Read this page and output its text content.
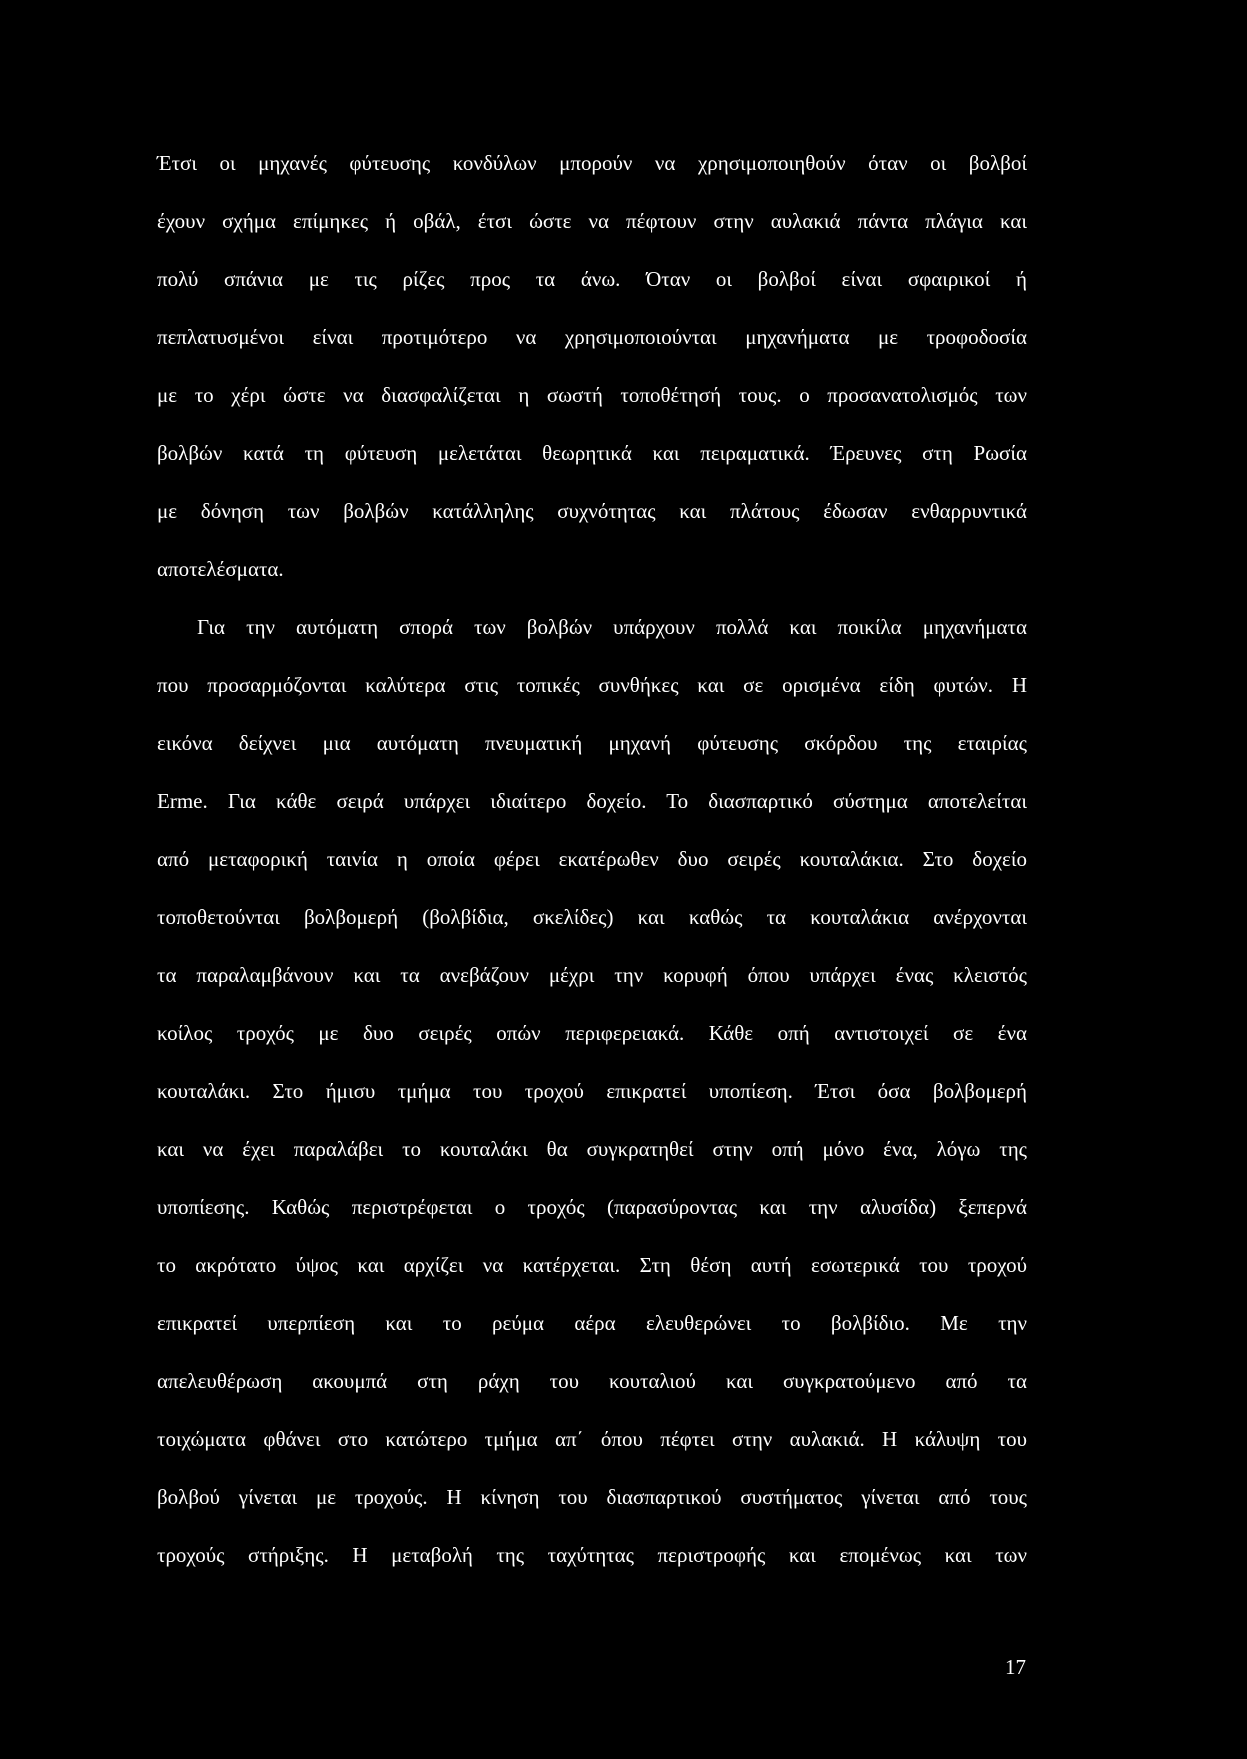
Έτσι οι μηχανές φύτευσης κονδύλων μπορούν να χρησιμοποιηθούν όταν οι βολβοί
έχουν σχήμα επίμηκες ή οβάλ, έτσι ώστε να πέφτουν στην αυλακιά πάντα πλάγια και
πολύ σπάνια με τις ρίζες προς τα άνω. Όταν οι βολβοί είναι σφαιρικοί ή
πεπλατυσμένοι είναι προτιμότερο να χρησιμοποιούνται μηχανήματα με τροφοδοσία
με το χέρι ώστε να διασφαλίζεται η σωστή τοποθέτησή τους. ο προσανατολισμός των
βολβών κατά τη φύτευση μελετάται θεωρητικά και πειραματικά. Έρευνες στη Ρωσία
με δόνηση των βολβών κατάλληλης συχνότητας και πλάτους έδωσαν ενθαρρυντικά
αποτελέσματα.
Για την αυτόματη σπορά των βολβών υπάρχουν πολλά και ποικίλα μηχανήματα
που προσαρμόζονται καλύτερα στις τοπικές συνθήκες και σε ορισμένα είδη φυτών. Η
εικόνα δείχνει μια αυτόματη πνευματική μηχανή φύτευσης σκόρδου της εταιρίας
Erme. Για κάθε σειρά υπάρχει ιδιαίτερο δοχείο. Το διασπαρτικό σύστημα αποτελείται
από μεταφορική ταινία η οποία φέρει εκατέρωθεν δυο σειρές κουταλάκια. Στο δοχείο
τοποθετούνται βολβομερή (βολβίδια, σκελίδες) και καθώς τα κουταλάκια ανέρχονται
τα παραλαμβάνουν και τα ανεβάζουν μέχρι την κορυφή όπου υπάρχει ένας κλειστός
κοίλος τροχός με δυο σειρές οπών περιφερειακά. Κάθε οπή αντιστοιχεί σε ένα
κουταλάκι. Στο ήμισυ τμήμα του τροχού επικρατεί υποπίεση. Έτσι όσα βολβομερή
και να έχει παραλάβει το κουταλάκι θα συγκρατηθεί στην οπή μόνο ένα, λόγω της
υποπίεσης. Καθώς περιστρέφεται ο τροχός (παρασύροντας και την αλυσίδα) ξεπερνά
το ακρότατο ύψος και αρχίζει να κατέρχεται. Στη θέση αυτή εσωτερικά του τροχού
επικρατεί υπερπίεση και το ρεύμα αέρα ελευθερώνει το βολβίδιο. Με την
απελευθέρωση ακουμπά στη ράχη του κουταλιού και συγκρατούμενο από τα
τοιχώματα φθάνει στο κατώτερο τμήμα απ΄ όπου πέφτει στην αυλακιά. Η κάλυψη του
βολβού γίνεται με τροχούς. Η κίνηση του διασπαρτικού συστήματος γίνεται από τους
τροχούς στήριξης. Η μεταβολή της ταχύτητας περιστροφής και επομένως και των
17
